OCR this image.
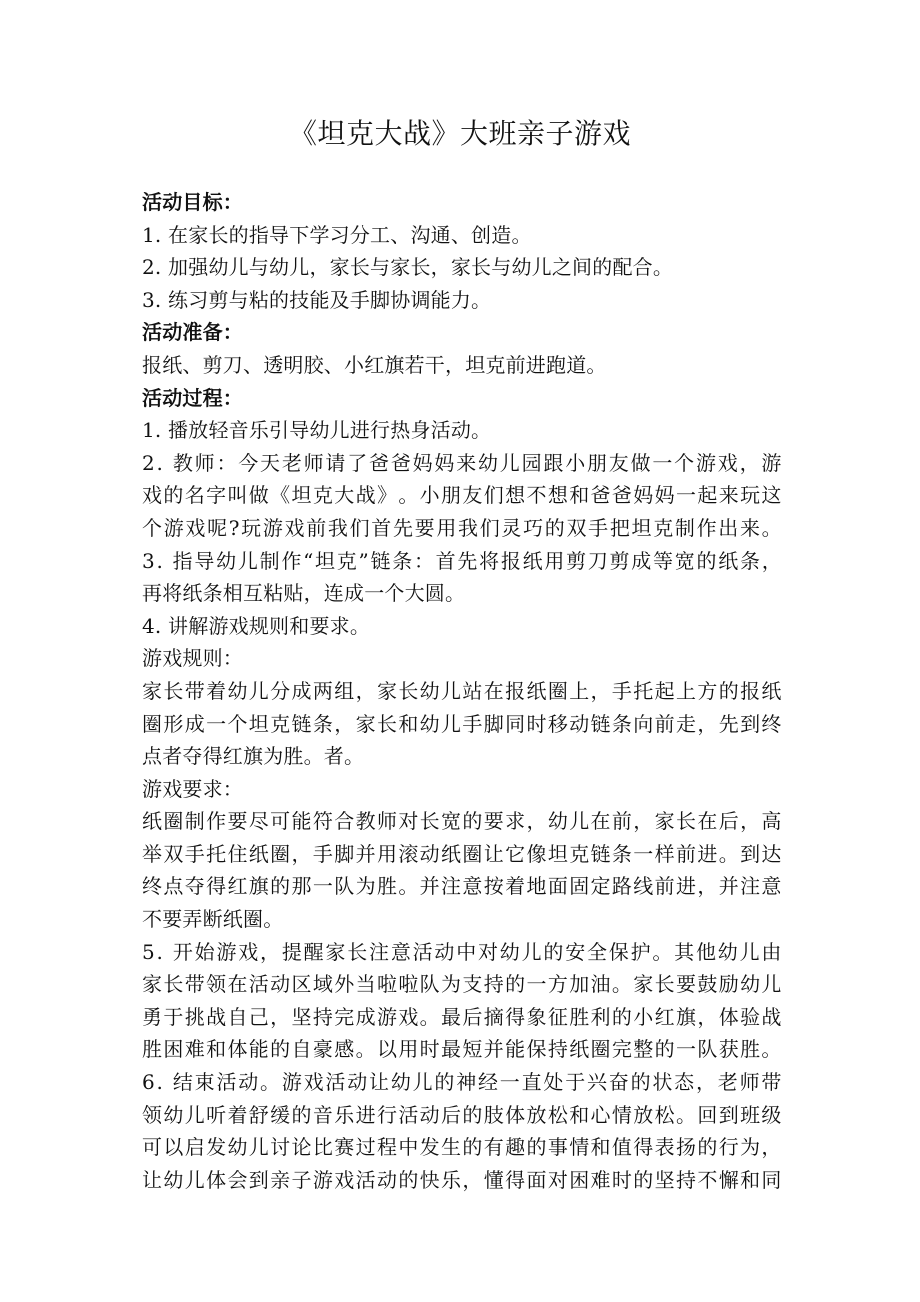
《坦克大战》大班亲子游戏
活动目标：
1. 在家长的指导下学习分工、沟通、创造。
2. 加强幼儿与幼儿，家长与家长，家长与幼儿之间的配合。
3. 练习剪与粘的技能及手脚协调能力。
活动准备：
报纸、剪刀、透明胶、小红旗若干，坦克前进跑道。
活动过程：
1. 播放轻音乐引导幼儿进行热身活动。
2 .
教 师 ： 今 天 老 师 请 了 爸 爸 妈 妈 来 幼 儿 园 跟 小 朋 友 做 一 个 游 戏 ， 游
戏 的 名 字 叫 做 《 坦 克 大 战 》 。 小 朋 友 们 想 不 想 和 爸 爸 妈 妈 一 起 来 玩 这
个 游 戏 呢 ? 玩 游 戏 前 我 们 首 先 要 用 我 们 灵 巧 的 双 手 把 坦 克 制 作 出 来 。
3 .
指 导 幼 儿 制 作 “ 坦 克 ” 链 条 ： 首 先 将 报 纸 用 剪 刀 剪 成 等 宽 的 纸 条 ，
再将纸条相互粘贴，连成一个大圆。
4. 讲解游戏规则和要求。
游戏规则：
家 长 带 着 幼 儿 分 成 两 组 ， 家 长 幼 儿 站 在 报 纸 圈 上 ， 手 托 起 上 方 的 报 纸
圈 形 成 一 个 坦 克 链 条 ， 家 长 和 幼 儿 手 脚 同 时 移 动 链 条 向 前 走 ， 先 到 终
点者夺得红旗为胜。者。
游戏要求：
纸 圈 制 作 要 尽 可 能 符 合 教 师 对 长 宽 的 要 求 ， 幼 儿 在 前 ， 家 长 在 后 ， 高
举 双 手 托 住 纸 圈 ， 手 脚 并 用 滚 动 纸 圈 让 它 像 坦 克 链 条 一 样 前 进 。 到 达
终 点 夺 得 红 旗 的 那 一 队 为 胜 。 并 注 意 按 着 地 面 固 定 路 线 前 进 ， 并 注 意
不要弄断纸圈。
5 .
开 始 游 戏 ， 提 醒 家 长 注 意 活 动 中 对 幼 儿 的 安 全 保 护 。 其 他 幼 儿 由
家 长 带 领 在 活 动 区 域 外 当 啦 啦 队 为 支 持 的 一 方 加 油 。 家 长 要 鼓 励 幼 儿
勇 于 挑 战 自 己 ， 坚 持 完 成 游 戏 。 最 后 摘 得 象 征 胜 利 的 小 红 旗 ， 体 验 战
胜 困 难 和 体 能 的 自 豪 感 。 以 用 时 最 短 并 能 保 持 纸 圈 完 整 的 一 队 获 胜 。
6 .
结 束 活 动 。 游 戏 活 动 让 幼 儿 的 神 经 一 直 处 于 兴 奋 的 状 态 ， 老 师 带
领 幼 儿 听 着 舒 缓 的 音 乐 进 行 活 动 后 的 肢 体 放 松 和 心 情 放 松 。 回 到 班 级
可 以 启 发 幼 儿 讨 论 比 赛 过 程 中 发 生 的 有 趣 的 事 情 和 值 得 表 扬 的 行 为 ，
让 幼 儿 体 会 到 亲 子 游 戏 活 动 的 快 乐 ， 懂 得 面 对 困 难 时 的 坚 持 不 懈 和 同
